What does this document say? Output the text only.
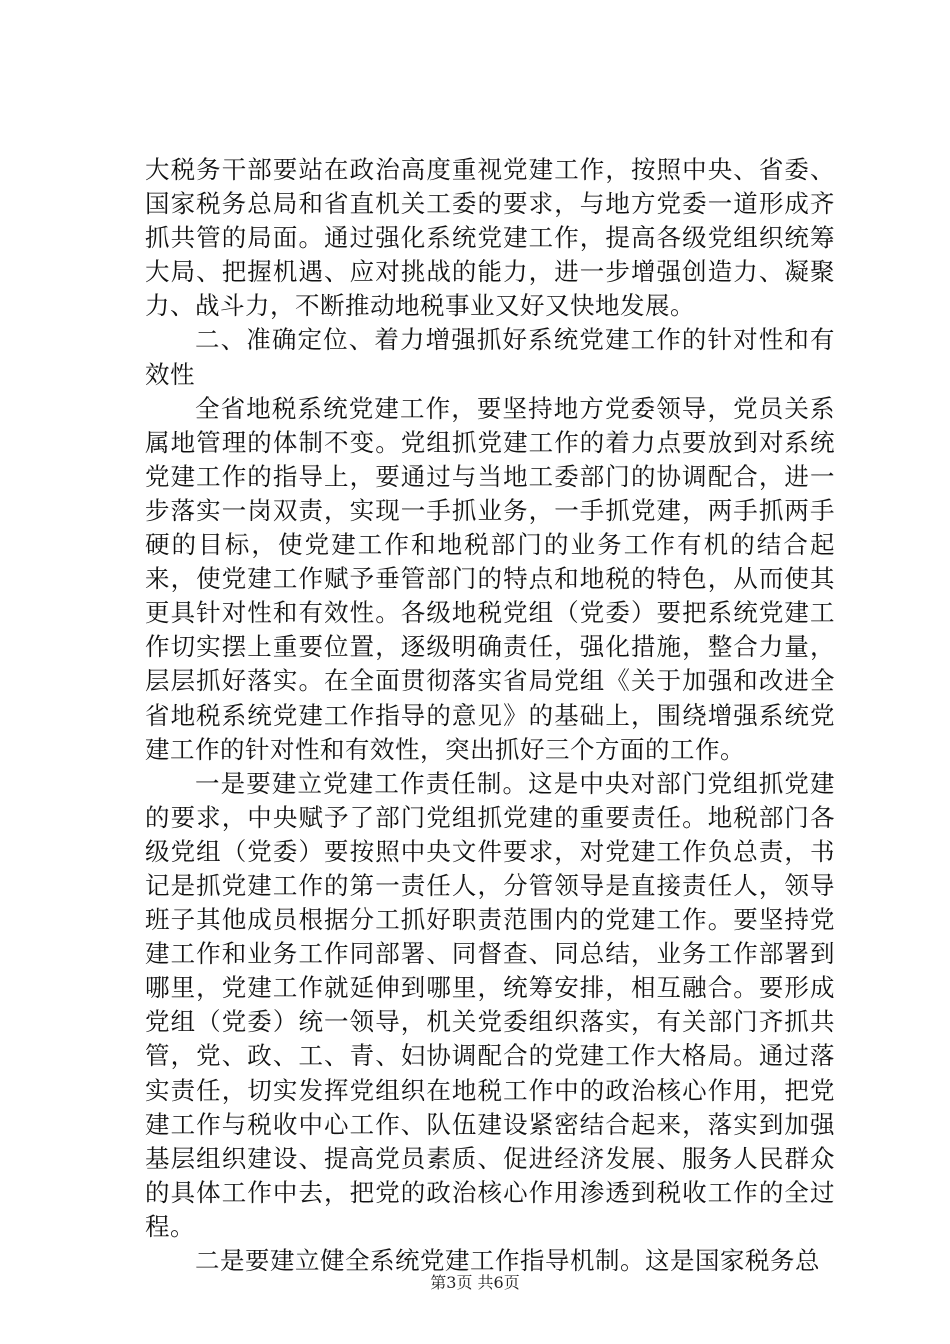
大税务干部要站在政治高度重视党建工作，按照中央、省委、国家税务总局和省直机关工委的要求，与地方党委一道形成齐抓共管的局面。通过强化系统党建工作，提高各级党组织统筹大局、把握机遇、应对挑战的能力，进一步增强创造力、凝聚力、战斗力，不断推动地税事业又好又快地发展。

二、准确定位、着力增强抓好系统党建工作的针对性和有效性

全省地税系统党建工作，要坚持地方党委领导，党员关系属地管理的体制不变。党组抓党建工作的着力点要放到对系统党建工作的指导上，要通过与当地工委部门的协调配合，进一步落实一岗双责，实现一手抓业务，一手抓党建，两手抓两手硬的目标，使党建工作和地税部门的业务工作有机的结合起来，使党建工作赋予垂管部门的特点和地税的特色，从而使其更具针对性和有效性。各级地税党组（党委）要把系统党建工作切实摆上重要位置，逐级明确责任，强化措施，整合力量，层层抓好落实。在全面贯彻落实省局党组《关于加强和改进全省地税系统党建工作指导的意见》的基础上，围绕增强系统党建工作的针对性和有效性，突出抓好三个方面的工作。

一是要建立党建工作责任制。这是中央对部门党组抓党建的要求，中央赋予了部门党组抓党建的重要责任。地税部门各级党组（党委）要按照中央文件要求，对党建工作负总责，书记是抓党建工作的第一责任人，分管领导是直接责任人，领导班子其他成员根据分工抓好职责范围内的党建工作。要坚持党建工作和业务工作同部署、同督查、同总结，业务工作部署到哪里，党建工作就延伸到哪里，统筹安排，相互融合。要形成党组（党委）统一领导，机关党委组织落实，有关部门齐抓共管，党、政、工、青、妇协调配合的党建工作大格局。通过落实责任，切实发挥党组织在地税工作中的政治核心作用，把党建工作与税收中心工作、队伍建设紧密结合起来，落实到加强基层组织建设、提高党员素质、促进经济发展、服务人民群众的具体工作中去，把党的政治核心作用渗透到税收工作的全过程。

二是要建立健全系统党建工作指导机制。这是国家税务总

第3页 共6页
